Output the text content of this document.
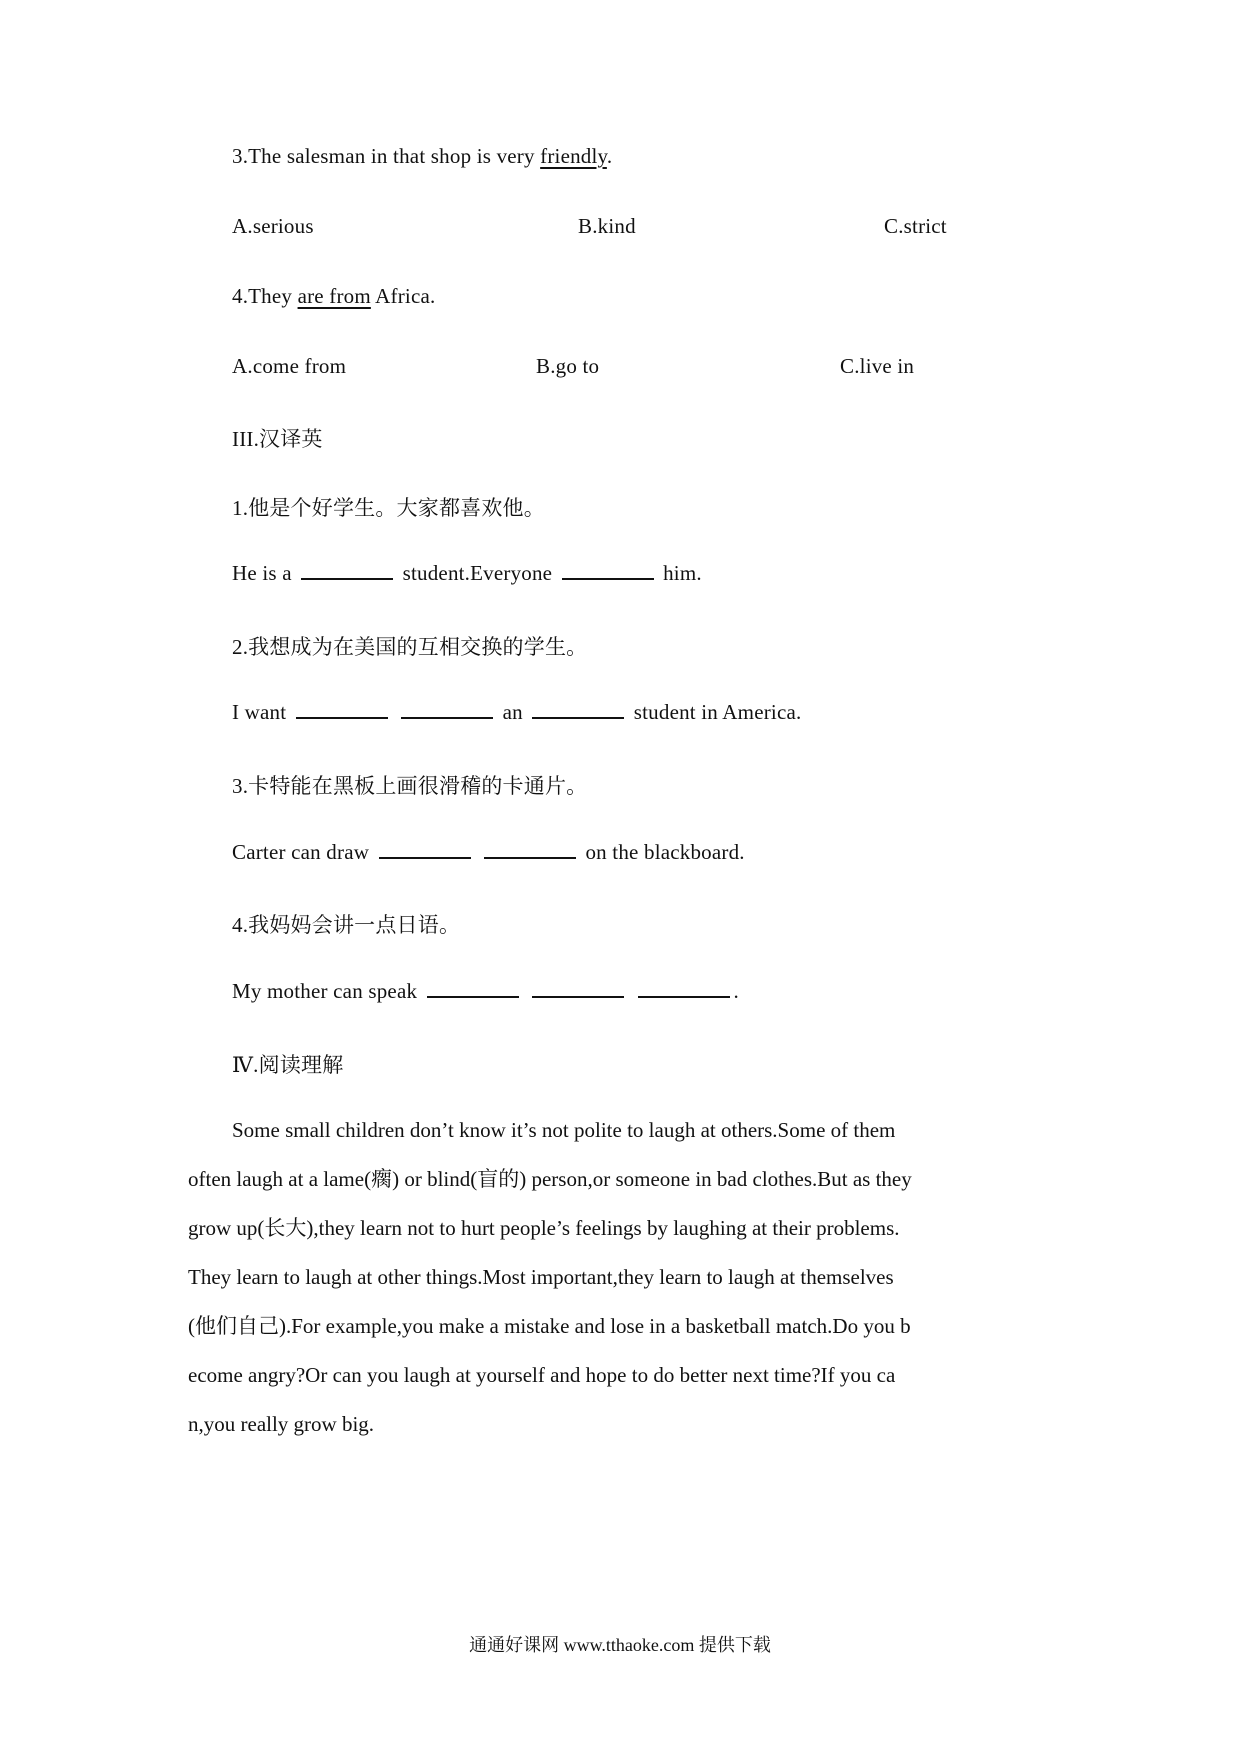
3.The salesman in that shop is very friendly.
A.serious	B.kind	C.strict
4.They are from Africa.
A.come from	B.go to	C.live in
III.汉译英
1.他是个好学生。大家都喜欢他。
He is a	student.Everyone	him.
2.我想成为在美国的互相交换的学生。
I want	an	student in America.
3.卡特能在黑板上画很滑稽的卡通片。
Carter can draw	on the blackboard.
4.我妈妈会讲一点日语。
My mother can speak	.
Ⅳ.阅读理解
Some small children don’t know it’s not polite to laugh at others.Some of them
often laugh at a lame(瘸) or blind(盲的) person,or someone in bad clothes.But as they
grow up(长大),they learn not to hurt people’s feelings by laughing at their problems.
They learn to laugh at other things.Most important,they learn to laugh at themselves
(他们自己).For example,you make a mistake and lose in a basketball match.Do you b
ecome angry?Or can you laugh at yourself and hope to do better next time?If you ca
n,you really grow big.
通通好课网 www.tthaoke.com 提供下载
